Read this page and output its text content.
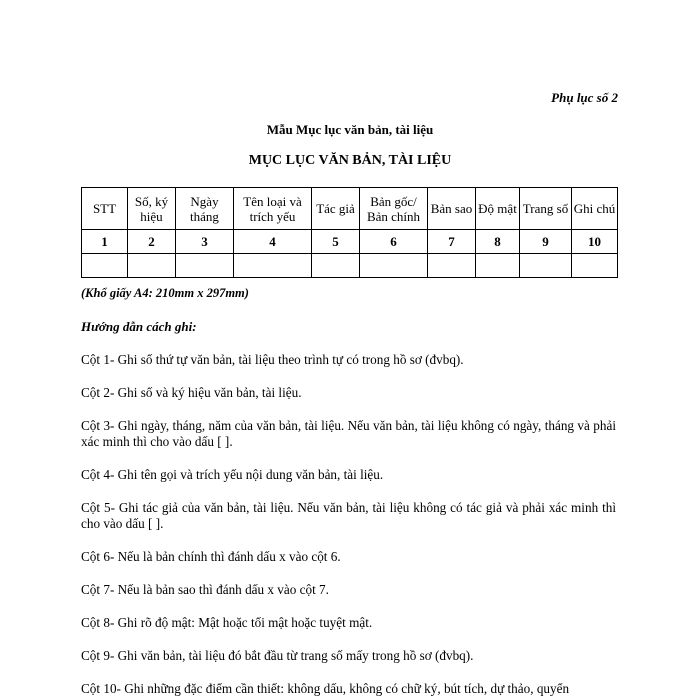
Phụ lục số 2
Mẫu Mục lục văn bản, tài liệu
MỤC LỤC VĂN BẢN, TÀI LIỆU
STT	Số, ký hiệu	Ngày tháng	Tên loại và trích yếu	Tác giả	Bản gốc/ Bản chính	Bản sao	Độ mật	Trang số	Ghi chú
1	2	3	4	5	6	7	8	9	10

(Khổ giấy A4: 210mm x 297mm)
Hướng dẫn cách ghi:
Cột 1- Ghi số thứ tự văn bản, tài liệu theo trình tự có trong hồ sơ (đvbq).
Cột 2- Ghi số và ký hiệu văn bản, tài liệu.
Cột 3- Ghi ngày, tháng, năm của văn bản, tài liệu. Nếu văn bản, tài liệu không có ngày, tháng và phải xác minh thì cho vào dấu [ ].
Cột 4- Ghi tên gọi và trích yếu nội dung văn bản, tài liệu.
Cột 5- Ghi tác giả của văn bản, tài liệu. Nếu văn bản, tài liệu không có tác giả và phải xác minh thì cho vào dấu [ ].
Cột 6- Nếu là bản chính thì đánh dấu x vào cột 6.
Cột 7- Nếu là bản sao thì đánh dấu x vào cột 7.
Cột 8- Ghi rõ độ mật: Mật hoặc tối mật hoặc tuyệt mật.
Cột 9- Ghi văn bản, tài liệu đó bắt đầu từ trang số mấy trong hồ sơ (đvbq).
Cột 10- Ghi những đặc điểm cần thiết: không dấu, không có chữ ký, bút tích, dự thảo, quyển
